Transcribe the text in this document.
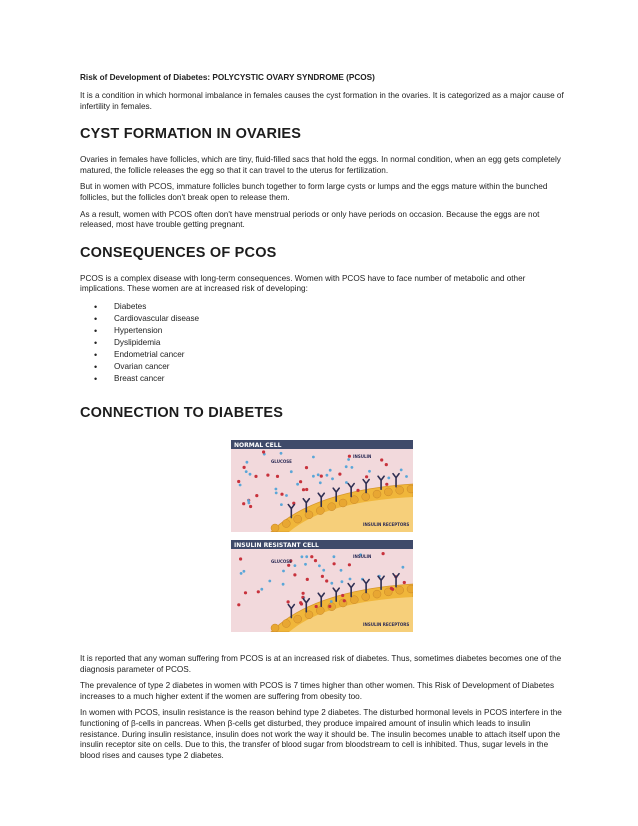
Risk of Development of Diabetes: POLYCYSTIC OVARY SYNDROME (PCOS)

It is a condition in which hormonal imbalance in females causes the cyst formation in the ovaries. It is categorized as a major cause of infertility in females.

CYST FORMATION IN OVARIES

Ovaries in females have follicles, which are tiny, fluid-filled sacs that hold the eggs. In normal condition, when an egg gets completely matured, the follicle releases the egg so that it can travel to the uterus for fertilization.

But in women with PCOS, immature follicles bunch together to form large cysts or lumps and the eggs mature within the bunched follicles, but the follicles don't break open to release them.

As a result, women with PCOS often don't have menstrual periods or only have periods on occasion. Because the eggs are not released, most have trouble getting pregnant.

CONSEQUENCES OF PCOS

PCOS is a complex disease with long-term consequences. Women with PCOS have to face number of metabolic and other implications. These women are at increased risk of developing:

• Diabetes
• Cardiovascular disease
• Hypertension
• Dyslipidemia
• Endometrial cancer
• Ovarian cancer
• Breast cancer
CONNECTION TO DIABETES
NORMAL CELL
GLUCOSE
INSULIN
INSULIN RECEPTORS
INSULIN RESISTANT CELL
GLUCOSE
INSULIN
INSULIN RECEPTORS

It is reported that any woman suffering from PCOS is at an increased risk of diabetes. Thus, sometimes diabetes becomes one of the diagnosis parameter of PCOS.

The prevalence of type 2 diabetes in women with PCOS is 7 times higher than other women. This Risk of Development of Diabetes increases to a much higher extent if the women are suffering from obesity too.

In women with PCOS, insulin resistance is the reason behind type 2 diabetes. The disturbed hormonal levels in PCOS interfere in the functioning of β-cells in pancreas. When β-cells get disturbed, they produce impaired amount of insulin which leads to insulin resistance. During insulin resistance, insulin does not work the way it should be. The insulin becomes unable to attach itself upon the insulin receptor site on cells. Due to this, the transfer of blood sugar from bloodstream to cell is inhibited. Thus, sugar levels in the blood rises and causes type 2 diabetes.
